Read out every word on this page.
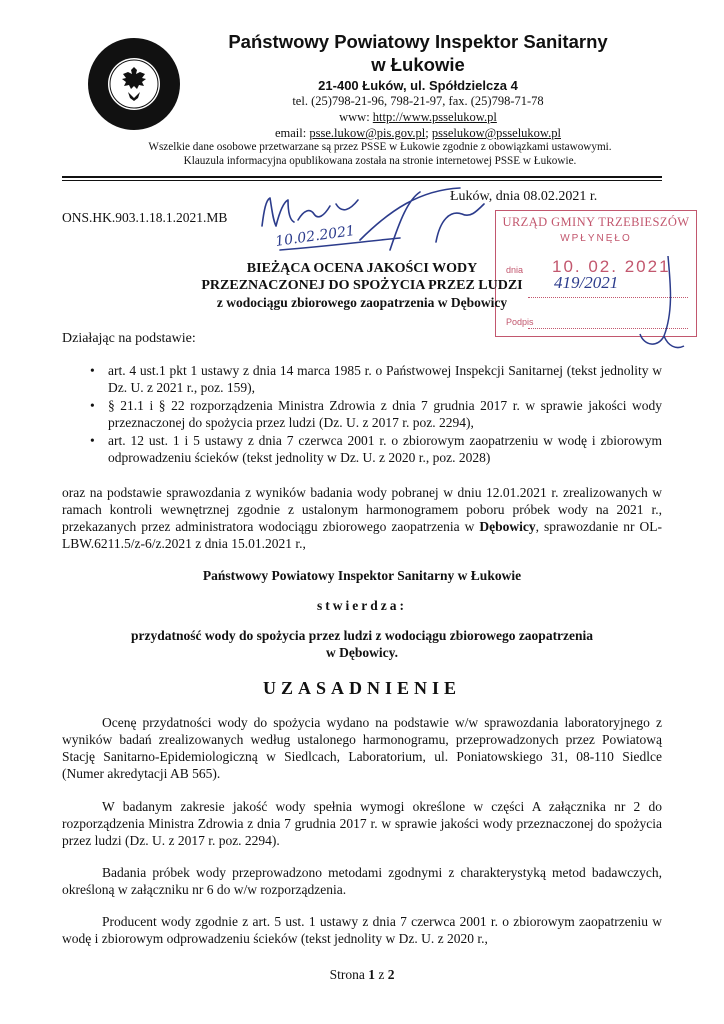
Państwowy Powiatowy Inspektor Sanitarny
w Łukowie
21-400 Łuków, ul. Spółdzielcza 4
tel. (25)798-21-96, 798-21-97, fax. (25)798-71-78
www: http://www.psselukow.pl
email: psse.lukow@pis.gov.pl; psselukow@psselukow.pl
Wszelkie dane osobowe przetwarzane są przez PSSE w Łukowie zgodnie z obowiązkami ustawowymi.
Klauzula informacyjna opublikowana została na stronie internetowej PSSE w Łukowie.
Łuków, dnia 08.02.2021 r.
ONS.HK.903.1.18.1.2021.MB
10.02.2021
URZĄD GMINY TRZEBIESZÓW
WPŁYNĘŁO
dnia 10. 02. 2021
419/2021
Podpis
BIEŻĄCA OCENA JAKOŚCI WODY
PRZEZNACZONEJ DO SPOŻYCIA PRZEZ LUDZI
z wodociągu zbiorowego zaopatrzenia w Dębowicy
Działając na podstawie:
• art. 4 ust.1 pkt 1 ustawy z dnia 14 marca 1985 r. o Państwowej Inspekcji Sanitarnej (tekst jednolity w Dz. U. z 2021 r., poz. 159),
• § 21.1 i § 22 rozporządzenia Ministra Zdrowia z dnia 7 grudnia 2017 r. w sprawie jakości wody przeznaczonej do spożycia przez ludzi (Dz. U. z 2017 r. poz. 2294),
• art. 12 ust. 1 i 5 ustawy z dnia 7 czerwca 2001 r. o zbiorowym zaopatrzeniu w wodę i zbiorowym odprowadzeniu ścieków (tekst jednolity w Dz. U. z 2020 r., poz. 2028)
oraz na podstawie sprawozdania z wyników badania wody pobranej w dniu 12.01.2021 r. zrealizowanych w ramach kontroli wewnętrznej zgodnie z ustalonym harmonogramem poboru próbek wody na 2021 r., przekazanych przez administratora wodociągu zbiorowego zaopatrzenia w Dębowicy, sprawozdanie nr OL-LBW.6211.5/z-6/z.2021 z dnia 15.01.2021 r.,
Państwowy Powiatowy Inspektor Sanitarny w Łukowie
stwierdza:
przydatność wody do spożycia przez ludzi z wodociągu zbiorowego zaopatrzenia
w Dębowicy.
UZASADNIENIE
Ocenę przydatności wody do spożycia wydano na podstawie w/w sprawozdania laboratoryjnego z wyników badań zrealizowanych według ustalonego harmonogramu, przeprowadzonych przez Powiatową Stację Sanitarno-Epidemiologiczną w Siedlcach, Laboratorium, ul. Poniatowskiego 31, 08-110 Siedlce (Numer akredytacji AB 565).
W badanym zakresie jakość wody spełnia wymogi określone w części A załącznika nr 2 do rozporządzenia Ministra Zdrowia z dnia 7 grudnia 2017 r. w sprawie jakości wody przeznaczonej do spożycia przez ludzi (Dz. U. z 2017 r. poz. 2294).
Badania próbek wody przeprowadzono metodami zgodnymi z charakterystyką metod badawczych, określoną w załączniku nr 6 do w/w rozporządzenia.
Producent wody zgodnie z art. 5 ust. 1 ustawy z dnia 7 czerwca 2001 r. o zbiorowym zaopatrzeniu w wodę i zbiorowym odprowadzeniu ścieków (tekst jednolity w Dz. U. z 2020 r.,
Strona 1 z 2
